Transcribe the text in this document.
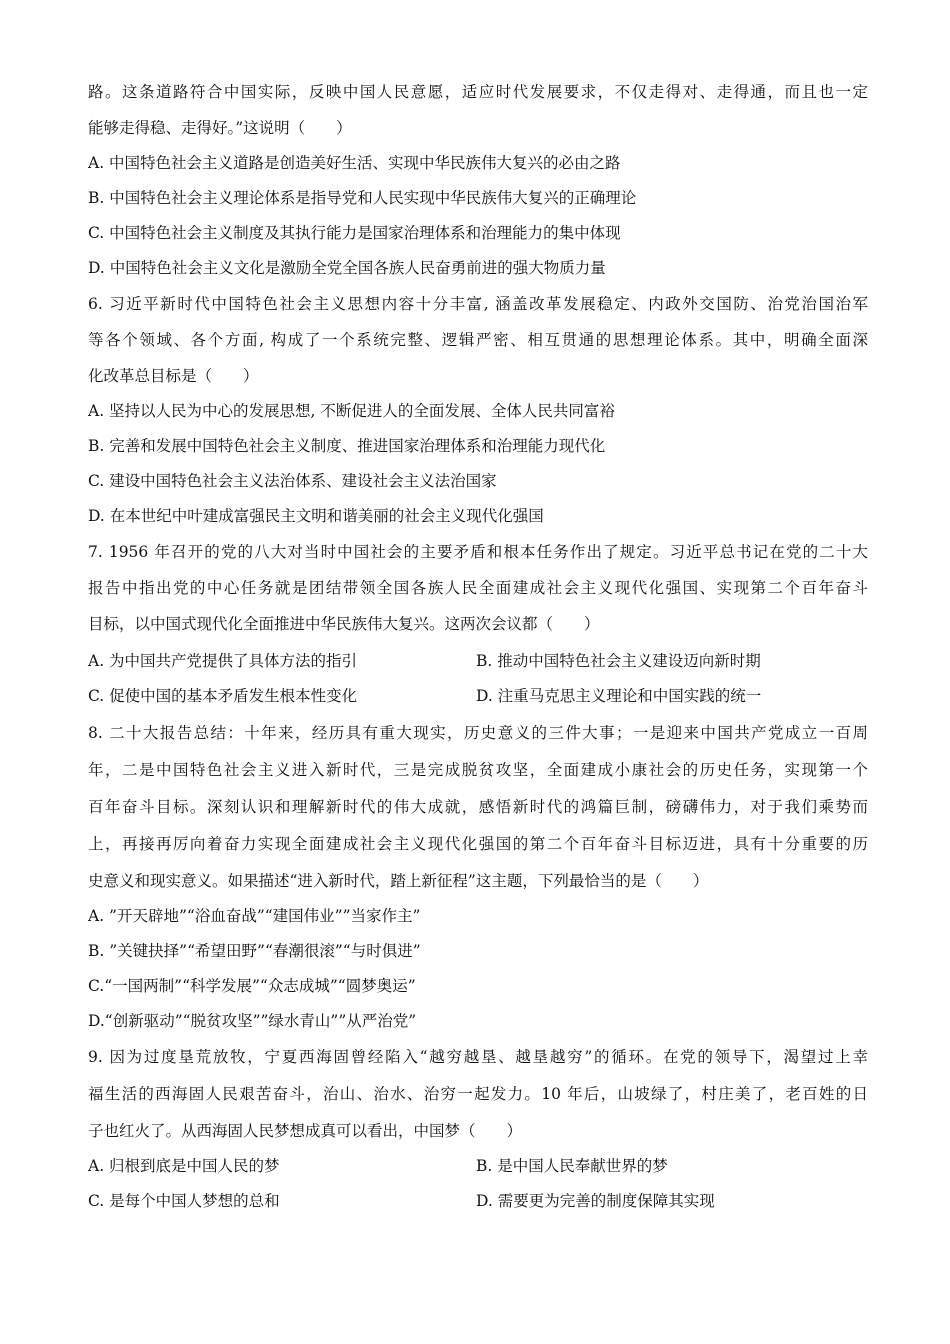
路。这条道路符合中国实际，反映中国人民意愿，适应时代发展要求，不仅走得对、走得通，而且也一定
能够走得稳、走得好。”这说明（　　）
A. 中国特色社会主义道路是创造美好生活、实现中华民族伟大复兴的必由之路
B. 中国特色社会主义理论体系是指导党和人民实现中华民族伟大复兴的正确理论
C. 中国特色社会主义制度及其执行能力是国家治理体系和治理能力的集中体现
D. 中国特色社会主义文化是激励全党全国各族人民奋勇前进的强大物质力量
6. 习近平新时代中国特色社会主义思想内容十分丰富, 涵盖改革发展稳定、内政外交国防、治党治国治军
等各个领域、各个方面, 构成了一个系统完整、逻辑严密、相互贯通的思想理论体系。其中，明确全面深
化改革总目标是（　　）
A. 坚持以人民为中心的发展思想, 不断促进人的全面发展、全体人民共同富裕
B. 完善和发展中国特色社会主义制度、推进国家治理体系和治理能力现代化
C. 建设中国特色社会主义法治体系、建设社会主义法治国家
D. 在本世纪中叶建成富强民主文明和谐美丽的社会主义现代化强国
7. 1956 年召开的党的八大对当时中国社会的主要矛盾和根本任务作出了规定。习近平总书记在党的二十大
报告中指出党的中心任务就是团结带领全国各族人民全面建成社会主义现代化强国、实现第二个百年奋斗
目标，以中国式现代化全面推进中华民族伟大复兴。这两次会议都（　　）
A. 为中国共产党提供了具体方法的指引	B. 推动中国特色社会主义建设迈向新时期
C. 促使中国的基本矛盾发生根本性变化	D. 注重马克思主义理论和中国实践的统一
8. 二十大报告总结：十年来，经历具有重大现实，历史意义的三件大事；一是迎来中国共产党成立一百周
年，二是中国特色社会主义进入新时代，三是完成脱贫攻坚，全面建成小康社会的历史任务，实现第一个
百年奋斗目标。深刻认识和理解新时代的伟大成就，感悟新时代的鸿篇巨制，磅礴伟力，对于我们乘势而
上，再接再厉向着奋力实现全面建成社会主义现代化强国的第二个百年奋斗目标迈进，具有十分重要的历
史意义和现实意义。如果描述“进入新时代，踏上新征程”这主题，下列最恰当的是（　　）
A. ”开天辟地”“浴血奋战”“建国伟业””当家作主”
B. ”关键抉择”“希望田野”“春潮很滚”“与时俱进”
C.“一国两制”“科学发展”“众志成城”“圆梦奥运”
D.“创新驱动”“脱贫攻坚””绿水青山””从严治党”
9. 因为过度垦荒放牧，宁夏西海固曾经陷入“越穷越垦、越垦越穷”的循环。在党的领导下，渴望过上幸
福生活的西海固人民艰苦奋斗，治山、治水、治穷一起发力。10 年后，山坡绿了，村庄美了，老百姓的日
子也红火了。从西海固人民梦想成真可以看出，中国梦（　　）
A. 归根到底是中国人民的梦	B. 是中国人民奉献世界的梦
C. 是每个中国人梦想的总和	D. 需要更为完善的制度保障其实现
